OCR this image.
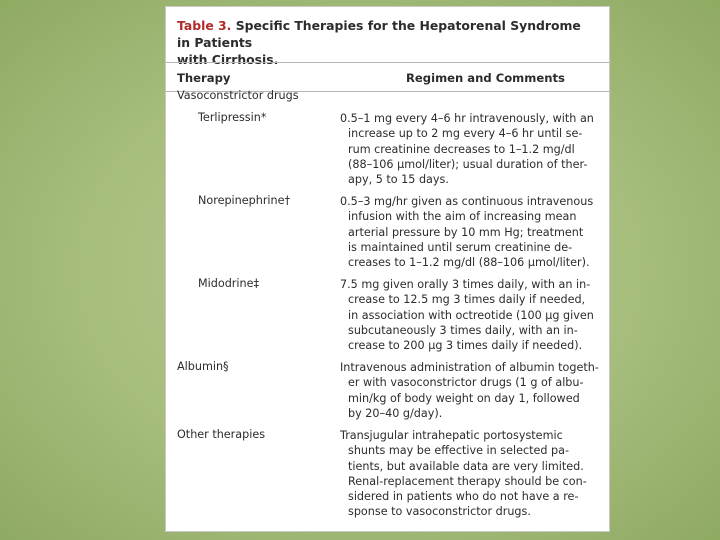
Table 3. Specific Therapies for the Hepatorenal Syndrome in Patients
with Cirrhosis.
Therapy	Regimen and Comments
Vasoconstrictor drugs
Terlipressin*	0.5–1 mg every 4–6 hr intravenously, with an
increase up to 2 mg every 4–6 hr until se-
rum creatinine decreases to 1–1.2 mg/dl
(88–106 μmol/liter); usual duration of ther-
apy, 5 to 15 days.
Norepinephrine†	0.5–3 mg/hr given as continuous intravenous
infusion with the aim of increasing mean
arterial pressure by 10 mm Hg; treatment
is maintained until serum creatinine de-
creases to 1–1.2 mg/dl (88–106 μmol/liter).
Midodrine‡	7.5 mg given orally 3 times daily, with an in-
crease to 12.5 mg 3 times daily if needed,
in association with octreotide (100 μg given
subcutaneously 3 times daily, with an in-
crease to 200 μg 3 times daily if needed).
Albumin§	Intravenous administration of albumin togeth-
er with vasoconstrictor drugs (1 g of albu-
min/kg of body weight on day 1, followed
by 20–40 g/day).
Other therapies	Transjugular intrahepatic portosystemic
shunts may be effective in selected pa-
tients, but available data are very limited.
Renal-replacement therapy should be con-
sidered in patients who do not have a re-
sponse to vasoconstrictor drugs.
